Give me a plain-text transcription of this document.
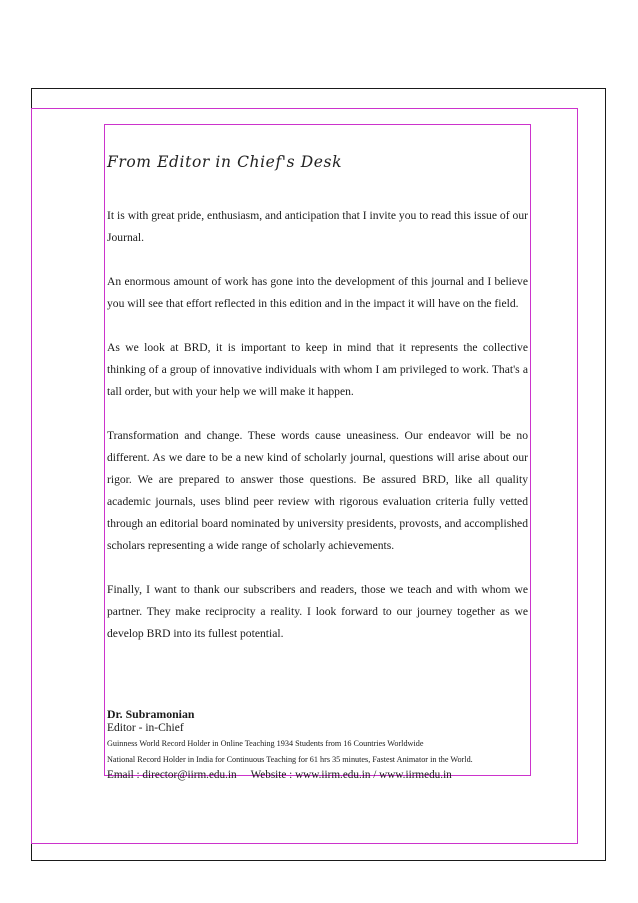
From Editor in Chief's Desk

It is with great pride, enthusiasm, and anticipation that I invite you to read this issue of our Journal.

An enormous amount of work has gone into the development of this journal and I believe you will see that effort reflected in this edition and in the impact it will have on the field.

As we look at BRD, it is important to keep in mind that it represents the collective thinking of a group of innovative individuals with whom I am privileged to work. That's a tall order, but with your help we will make it happen.

Transformation and change. These words cause uneasiness. Our endeavor will be no different. As we dare to be a new kind of scholarly journal, questions will arise about our rigor. We are prepared to answer those questions. Be assured BRD, like all quality academic journals, uses blind peer review with rigorous evaluation criteria fully vetted through an editorial board nominated by university presidents, provosts, and accomplished scholars representing a wide range of scholarly achievements.

Finally, I want to thank our subscribers and readers, those we teach and with whom we partner. They make reciprocity a reality. I look forward to our journey together as we develop BRD into its fullest potential.

Dr. Subramonian
Editor - in-Chief
Guinness World Record Holder in Online Teaching 1934 Students from 16 Countries Worldwide
National Record Holder in India for Continuous Teaching for 61 hrs 35 minutes, Fastest Animator in the World.
Email : director@iirm.edu.in Website : www.iirm.edu.in / www.iirmedu.in
